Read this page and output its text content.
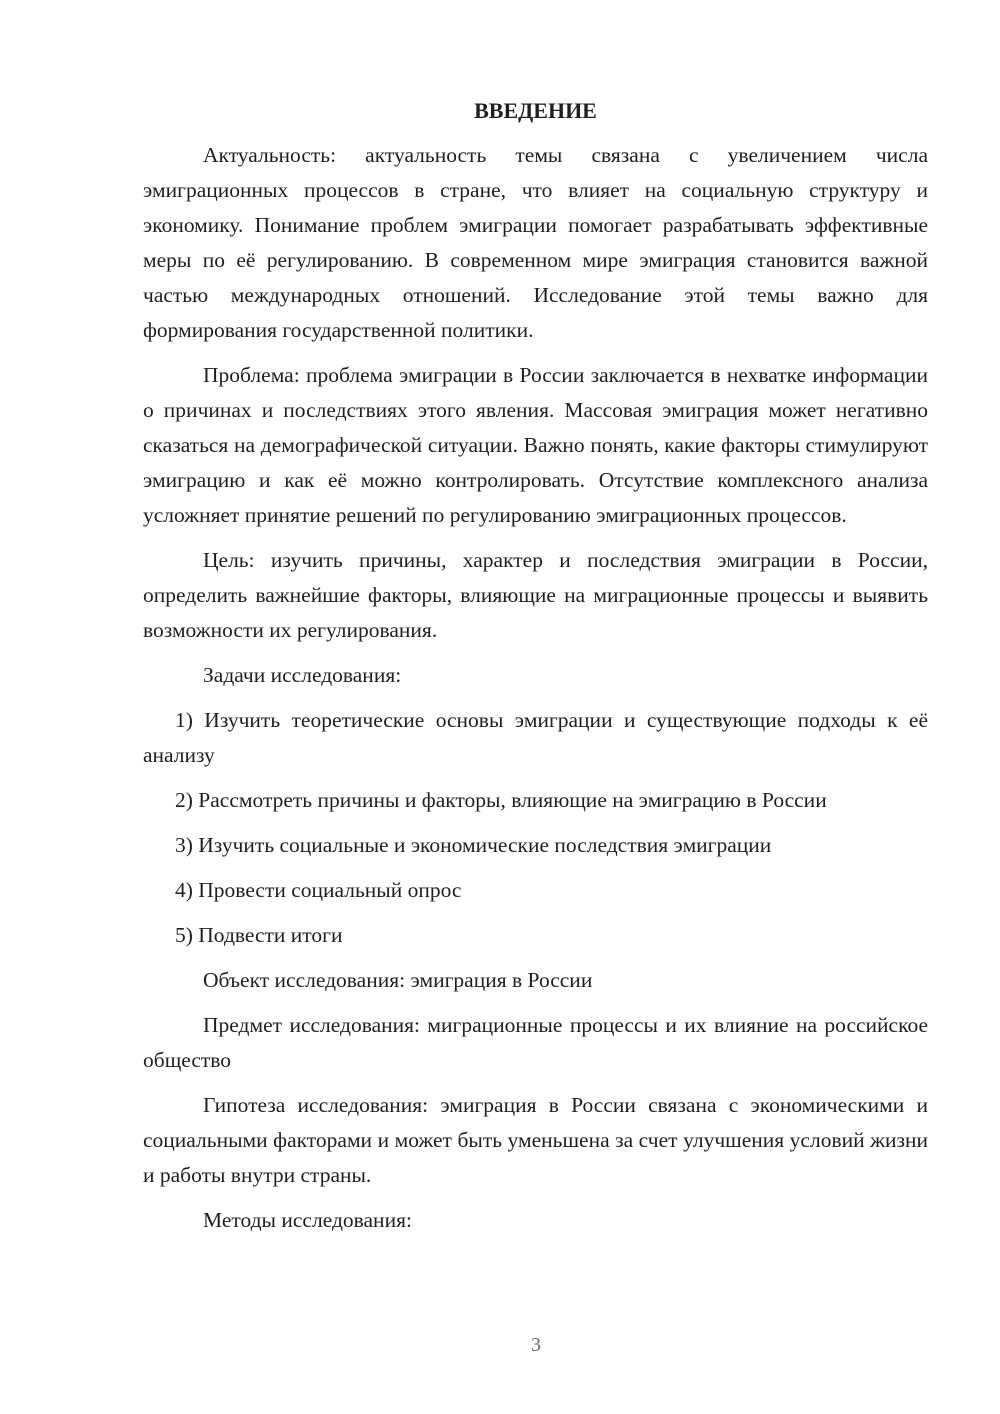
ВВЕДЕНИЕ

Актуальность: актуальность темы связана с увеличением числа эмиграционных процессов в стране, что влияет на социальную структуру и экономику. Понимание проблем эмиграции помогает разрабатывать эффективные меры по её регулированию. В современном мире эмиграция становится важной частью международных отношений. Исследование этой темы важно для формирования государственной политики.

Проблема: проблема эмиграции в России заключается в нехватке информации о причинах и последствиях этого явления. Массовая эмиграция может негативно сказаться на демографической ситуации. Важно понять, какие факторы стимулируют эмиграцию и как её можно контролировать. Отсутствие комплексного анализа усложняет принятие решений по регулированию эмиграционных процессов.

Цель: изучить причины, характер и последствия эмиграции в России, определить важнейшие факторы, влияющие на миграционные процессы и выявить возможности их регулирования.

Задачи исследования:

1) Изучить теоретические основы эмиграции и существующие подходы к её анализу

2) Рассмотреть причины и факторы, влияющие на эмиграцию в России

3) Изучить социальные и экономические последствия эмиграции

4) Провести социальный опрос

5) Подвести итоги

Объект исследования: эмиграция в России

Предмет исследования: миграционные процессы и их влияние на российское общество

Гипотеза исследования: эмиграция в России связана с экономическими и социальными факторами и может быть уменьшена за счет улучшения условий жизни и работы внутри страны.

Методы исследования:

3
